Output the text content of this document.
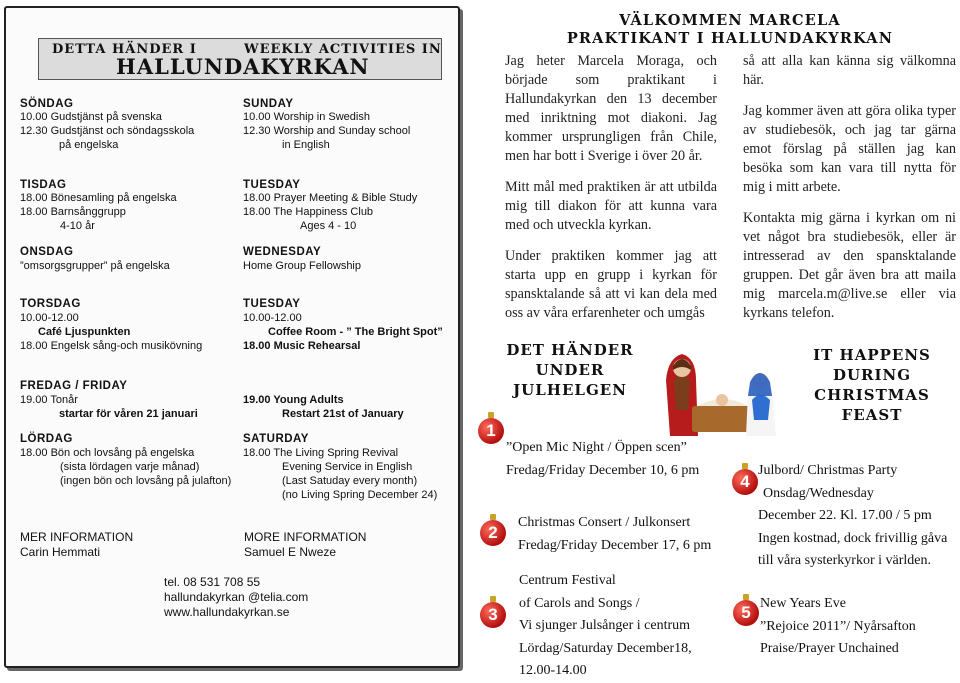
DETTA HÄNDER I	WEEKLY ACTIVITIES IN
HALLUNDAKYRKAN
SÖNDAG
10.00 Gudstjänst på svenska
12.30 Gudstjänst och söndagsskola
på engelska
TISDAG
18.00 Bönesamling på engelska
18.00 Barnsånggrupp
4-10 år
ONSDAG
”omsorgsgrupper” på engelska
TORSDAG
10.00-12.00
Café Ljuspunkten
18.00 Engelsk sång-och musikövning
FREDAG / FRIDAY
19.00 Tonår
startar för våren 21 januari
LÖRDAG
18.00 Bön och lovsång på engelska
(sista lördagen varje månad)
(ingen bön och lovsång på julafton)
MER INFORMATION
Carin Hemmati
SUNDAY
10.00 Worship in Swedish
12.30 Worship and Sunday school
in English
TUESDAY
18.00 Prayer Meeting & Bible Study
18.00 The Happiness Club
Ages 4 - 10
WEDNESDAY
Home Group Fellowship
TUESDAY
10.00-12.00
Coffee Room - ” The Bright Spot”
18.00 Music Rehearsal
19.00 Young Adults
Restart 21st of January
SATURDAY
18.00 The Living Spring Revival
Evening Service in English
(Last Satuday every month)
(no Living Spring December 24)
MORE INFORMATION
Samuel E Nweze
tel. 08 531 708 55
hallundakyrkan @telia.com
www.hallundakyrkan.se
VÄLKOMMEN MARCELA
PRAKTIKANT I HALLUNDAKYRKAN

Jag heter Marcela Moraga, och började som praktikant i Hallundakyrkan den 13 december med inriktning mot diakoni. Jag kommer ursprungligen från Chile, men har bott i Sverige i över 20 år.

Mitt mål med praktiken är att utbilda mig till diakon för att kunna vara med och utveckla kyrkan.

Under praktiken kommer jag att starta upp en grupp i kyrkan för spansktalande så att vi kan dela med oss av våra erfarenheter och umgås

så att alla kan känna sig välkomna här.

Jag kommer även att göra olika typer av studiebesök, och jag tar gärna emot förslag på ställen jag kan besöka som kan vara till nytta för mig i mitt arbete.

Kontakta mig gärna i kyrkan om ni vet något bra studiebesök, eller är intresserad av den spansktalande gruppen. Det går även bra att maila mig marcela.m@live.se eller via kyrkans telefon.

DET HÄNDER
UNDER
JULHELGEN
IT HAPPENS
DURING
CHRISTMAS FEAST
1
”Open Mic Night / Öppen scen”
Fredag/Friday December 10, 6 pm
2
Christmas Consert / Julkonsert
Fredag/Friday December 17, 6 pm
3
Centrum Festival
of Carols and Songs /
Vi sjunger Julsånger i centrum
Lördag/Saturday December18,
12.00-14.00
4
Julbord/ Christmas Party
Onsdag/Wednesday
December 22. Kl. 17.00 / 5 pm
Ingen kostnad, dock frivillig gåva
till våra systerkyrkor i världen.
5 New Years Eve
”Rejoice 2011”/ Nyårsafton
Praise/Prayer Unchained
